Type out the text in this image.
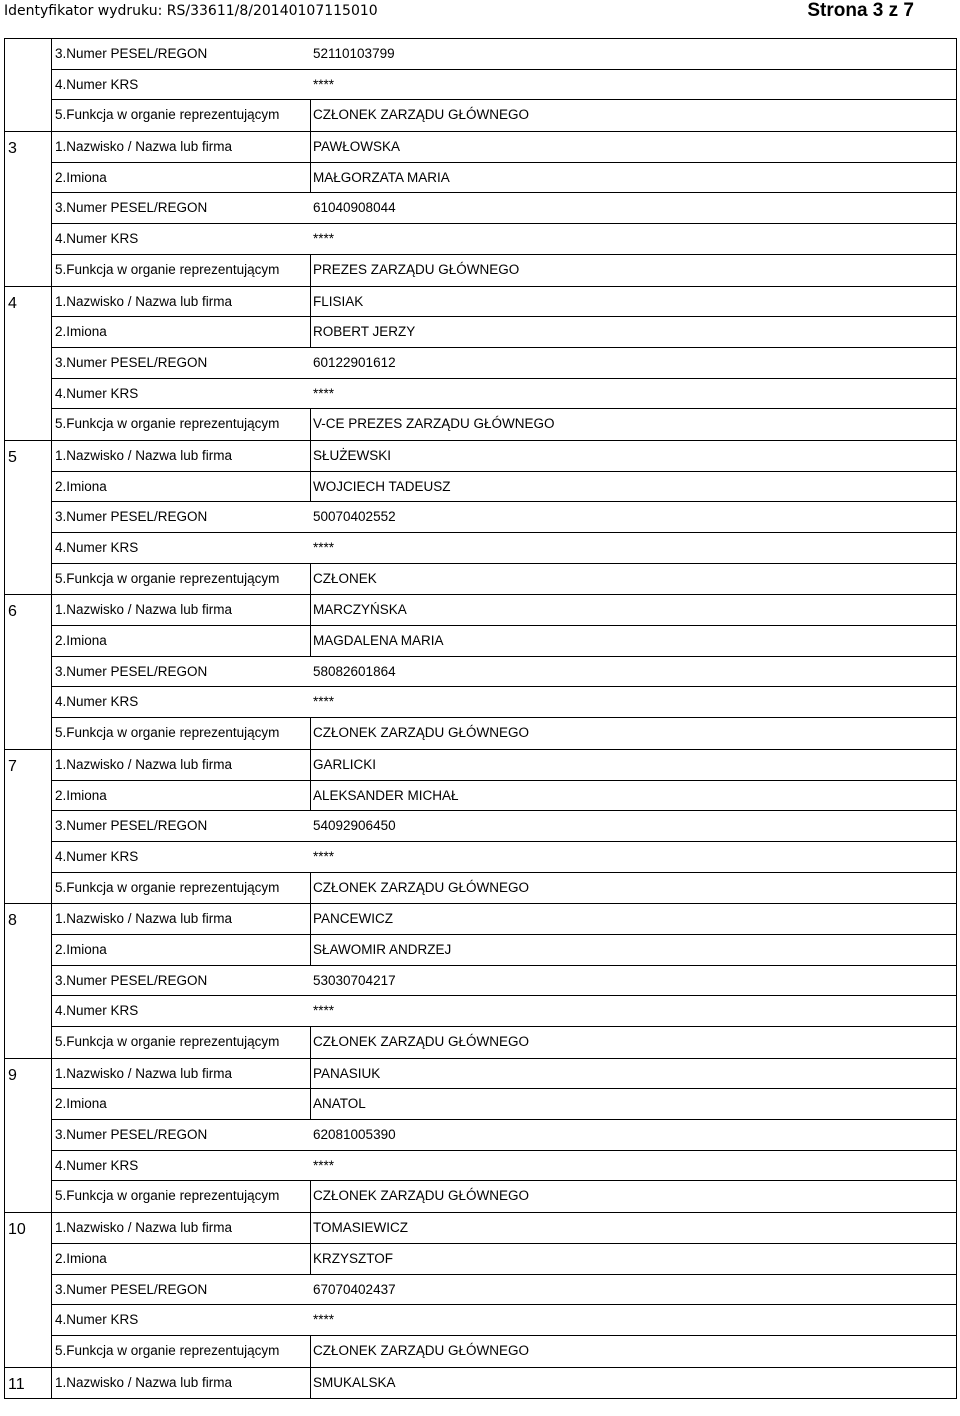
Identyfikator wydruku: RS/33611/8/20140107115010	Strona 3 z 7
3.Numer PESEL/REGON	52110103799
4.Numer KRS	****
5.Funkcja w organie reprezentującym	CZŁONEK ZARZĄDU GŁÓWNEGO
3	1.Nazwisko / Nazwa lub firma	PAWŁOWSKA
2.Imiona	MAŁGORZATA MARIA
3.Numer PESEL/REGON	61040908044
4.Numer KRS	****
5.Funkcja w organie reprezentującym	PREZES ZARZĄDU GŁÓWNEGO
4	1.Nazwisko / Nazwa lub firma	FLISIAK
2.Imiona	ROBERT JERZY
3.Numer PESEL/REGON	60122901612
4.Numer KRS	****
5.Funkcja w organie reprezentującym	V-CE PREZES ZARZĄDU GŁÓWNEGO
5	1.Nazwisko / Nazwa lub firma	SŁUŻEWSKI
2.Imiona	WOJCIECH TADEUSZ
3.Numer PESEL/REGON	50070402552
4.Numer KRS	****
5.Funkcja w organie reprezentującym	CZŁONEK
6	1.Nazwisko / Nazwa lub firma	MARCZYŃSKA
2.Imiona	MAGDALENA MARIA
3.Numer PESEL/REGON	58082601864
4.Numer KRS	****
5.Funkcja w organie reprezentującym	CZŁONEK ZARZĄDU GŁÓWNEGO
7	1.Nazwisko / Nazwa lub firma	GARLICKI
2.Imiona	ALEKSANDER MICHAŁ
3.Numer PESEL/REGON	54092906450
4.Numer KRS	****
5.Funkcja w organie reprezentującym	CZŁONEK ZARZĄDU GŁÓWNEGO
8	1.Nazwisko / Nazwa lub firma	PANCEWICZ
2.Imiona	SŁAWOMIR ANDRZEJ
3.Numer PESEL/REGON	53030704217
4.Numer KRS	****
5.Funkcja w organie reprezentującym	CZŁONEK ZARZĄDU GŁÓWNEGO
9	1.Nazwisko / Nazwa lub firma	PANASIUK
2.Imiona	ANATOL
3.Numer PESEL/REGON	62081005390
4.Numer KRS	****
5.Funkcja w organie reprezentującym	CZŁONEK ZARZĄDU GŁÓWNEGO
10 1.Nazwisko / Nazwa lub firma	TOMASIEWICZ
2.Imiona	KRZYSZTOF
3.Numer PESEL/REGON	67070402437
4.Numer KRS	****
5.Funkcja w organie reprezentującym	CZŁONEK ZARZĄDU GŁÓWNEGO
11 1.Nazwisko / Nazwa lub firma	SMUKALSKA
